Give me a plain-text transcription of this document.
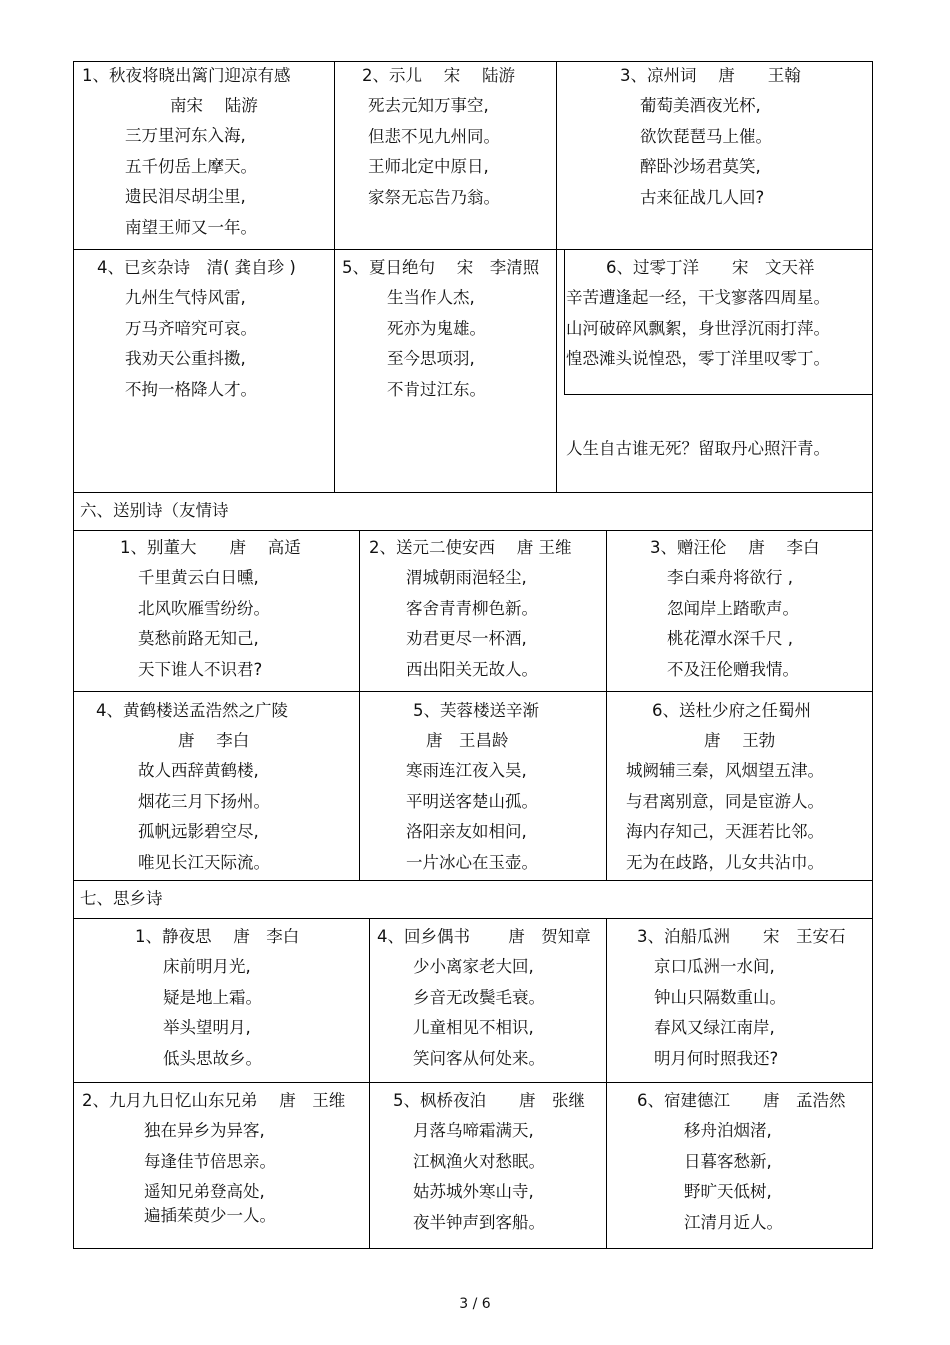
1、秋夜将晓出篱门迎凉有感
南宋　 陆游
三万里河东入海,
五千仞岳上摩天。
遗民泪尽胡尘里,
南望王师又一年。
2、示儿　 宋　 陆游
死去元知万事空,
但悲不见九州同。
王师北定中原日,
家祭无忘告乃翁。
3、凉州词　 唐　　王翰
葡萄美酒夜光杯,
欲饮琵琶马上催。
醉卧沙场君莫笑,
古来征战几人回?
4、已亥杂诗　清( 龚自珍 )
九州生气恃风雷,
万马齐喑究可哀。
我劝天公重抖擞,
不拘一格降人才。
5、夏日绝句　 宋　李清照
生当作人杰,
死亦为鬼雄。
至今思项羽,
不肯过江东。
6、过零丁洋　　宋　文天祥
辛苦遭逢起一经，干戈寥落四周星。
山河破碎风飘絮，身世浮沉雨打萍。
惶恐滩头说惶恐，零丁洋里叹零丁。
人生自古谁无死？留取丹心照汗青。
六、送别诗（友情诗
1、别董大　　唐　 高适
千里黄云白日曛,
北风吹雁雪纷纷。
莫愁前路无知己,
天下谁人不识君?
2、送元二使安西　 唐 王维
渭城朝雨浥轻尘,
客舍青青柳色新。
劝君更尽一杯酒,
西出阳关无故人。
3、赠汪伦　 唐　 李白
李白乘舟将欲行 ,
忽闻岸上踏歌声。
桃花潭水深千尺 ,
不及汪伦赠我情。
4、黄鹤楼送孟浩然之广陵
唐　 李白
故人西辞黄鹤楼,
烟花三月下扬州。
孤帆远影碧空尽,
唯见长江天际流。
5、芙蓉楼送辛渐
唐　王昌龄
寒雨连江夜入吴,
平明送客楚山孤。
洛阳亲友如相问,
一片冰心在玉壶。
6、送杜少府之任蜀州
唐　 王勃
城阙辅三秦，风烟望五津。
与君离别意，同是宦游人。
海内存知己，天涯若比邻。
无为在歧路，儿女共沾巾。
七、思乡诗
1、静夜思　 唐　李白
床前明月光,
疑是地上霜。
举头望明月,
低头思故乡。
4、回乡偶书　　 唐　贺知章
少小离家老大回,
乡音无改鬓毛衰。
儿童相见不相识,
笑问客从何处来。
3、泊船瓜洲　　宋　王安石
京口瓜洲一水间,
钟山只隔数重山。
春风又绿江南岸,
明月何时照我还?
2、九月九日忆山东兄弟　 唐　王维
独在异乡为异客,
每逢佳节倍思亲。
遥知兄弟登高处,
遍插茱萸少一人。
5、枫桥夜泊　　唐　张继
月落乌啼霜满天,
江枫渔火对愁眠。
姑苏城外寒山寺,
夜半钟声到客船。
6、宿建德江　　唐　孟浩然
移舟泊烟渚,
日暮客愁新,
野旷天低树,
江清月近人。
3 / 6
